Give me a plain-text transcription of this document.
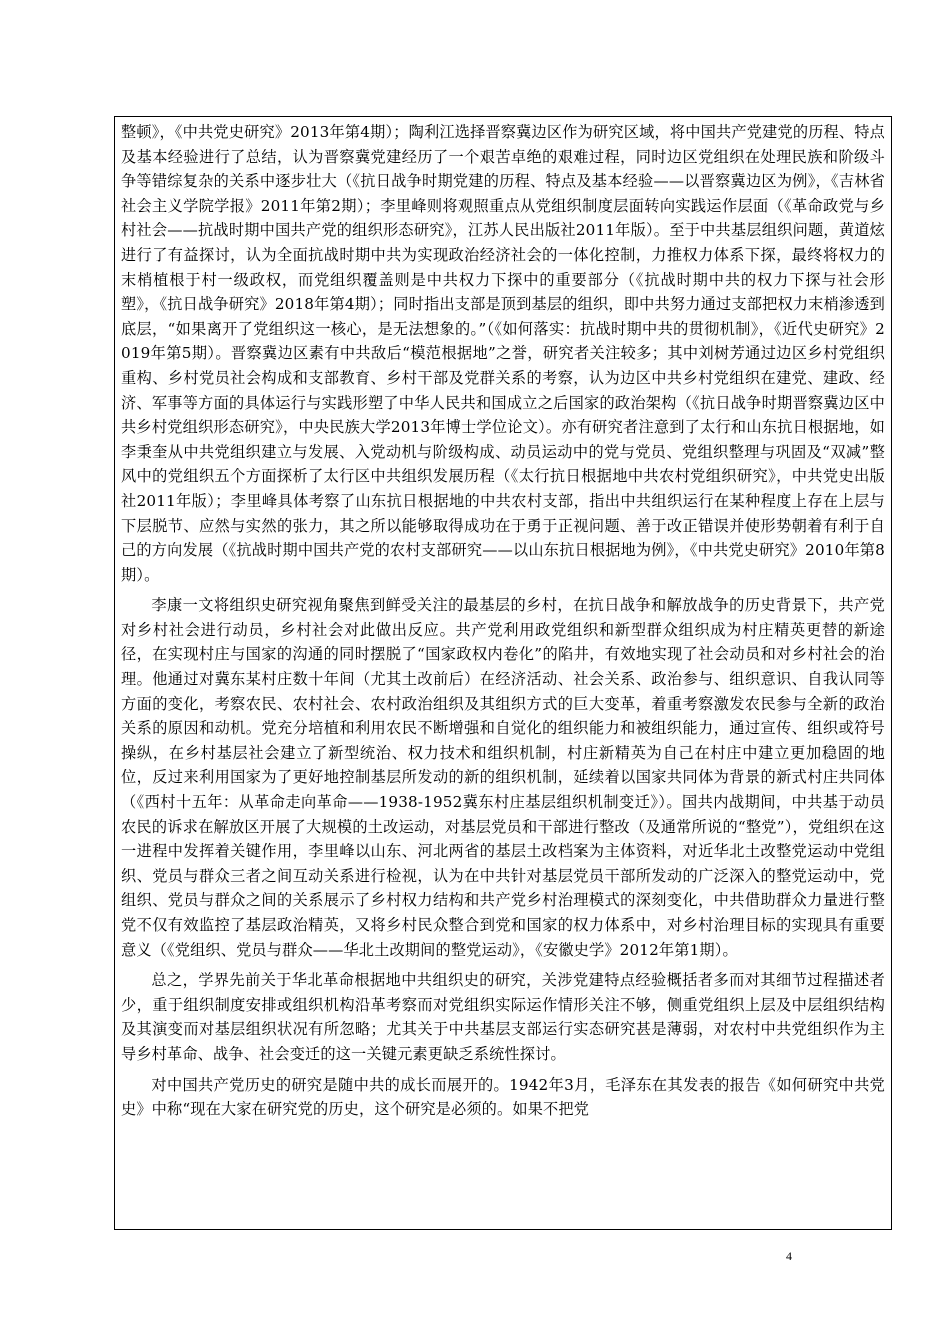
整顿》，《中共党史研究》2013年第4期）；陶利江选择晋察冀边区作为研究区域，将中国共产党建党的历程、特点及基本经验进行了总结，认为晋察冀党建经历了一个艰苦卓绝的艰难过程，同时边区党组织在处理民族和阶级斗争等错综复杂的关系中逐步壮大（《抗日战争时期党建的历程、特点及基本经验——以晋察冀边区为例》，《吉林省社会主义学院学报》2011年第2期）；李里峰则将观照重点从党组织制度层面转向实践运作层面（《革命政党与乡村社会——抗战时期中国共产党的组织形态研究》，江苏人民出版社2011年版）。至于中共基层组织问题，黄道炫进行了有益探讨，认为全面抗战时期中共为实现政治经济社会的一体化控制，力推权力体系下探，最终将权力的末梢植根于村一级政权，而党组织覆盖则是中共权力下探中的重要部分（《抗战时期中共的权力下探与社会形塑》，《抗日战争研究》2018年第4期）；同时指出支部是顶到基层的组织，即中共努力通过支部把权力末梢渗透到底层，“如果离开了党组织这一核心，是无法想象的。”（《如何落实：抗战时期中共的贯彻机制》，《近代史研究》2019年第5期）。晋察冀边区素有中共敌后“模范根据地”之誉，研究者关注较多；其中刘树芳通过边区乡村党组织重构、乡村党员社会构成和支部教育、乡村干部及党群关系的考察，认为边区中共乡村党组织在建党、建政、经济、军事等方面的具体运行与实践形塑了中华人民共和国成立之后国家的政治架构（《抗日战争时期晋察冀边区中共乡村党组织形态研究》，中央民族大学2013年博士学位论文）。亦有研究者注意到了太行和山东抗日根据地，如李秉奎从中共党组织建立与发展、入党动机与阶级构成、动员运动中的党与党员、党组织整理与巩固及“双减”整风中的党组织五个方面探析了太行区中共组织发展历程（《太行抗日根据地中共农村党组织研究》，中共党史出版社2011年版）；李里峰具体考察了山东抗日根据地的中共农村支部，指出中共组织运行在某种程度上存在上层与下层脱节、应然与实然的张力，其之所以能够取得成功在于勇于正视问题、善于改正错误并使形势朝着有利于自己的方向发展（《抗战时期中国共产党的农村支部研究——以山东抗日根据地为例》，《中共党史研究》2010年第8期）。

李康一文将组织史研究视角聚焦到鲜受关注的最基层的乡村，在抗日战争和解放战争的历史背景下，共产党对乡村社会进行动员，乡村社会对此做出反应。共产党利用政党组织和新型群众组织成为村庄精英更替的新途径，在实现村庄与国家的沟通的同时摆脱了“国家政权内卷化”的陷井，有效地实现了社会动员和对乡村社会的治理。他通过对冀东某村庄数十年间（尤其土改前后）在经济活动、社会关系、政治参与、组织意识、自我认同等方面的变化，考察农民、农村社会、农村政治组织及其组织方式的巨大变革，着重考察激发农民参与全新的政治关系的原因和动机。党充分培植和利用农民不断增强和自觉化的组织能力和被组织能力，通过宣传、组织或符号操纵，在乡村基层社会建立了新型统治、权力技术和组织机制，村庄新精英为自己在村庄中建立更加稳固的地位，反过来利用国家为了更好地控制基层所发动的新的组织机制，延续着以国家共同体为背景的新式村庄共同体（《西村十五年：从革命走向革命——1938-1952冀东村庄基层组织机制变迁》）。国共内战期间，中共基于动员农民的诉求在解放区开展了大规模的土改运动，对基层党员和干部进行整改（及通常所说的“整党”），党组织在这一进程中发挥着关键作用，李里峰以山东、河北两省的基层土改档案为主体资料，对近华北土改整党运动中党组织、党员与群众三者之间互动关系进行检视，认为在中共针对基层党员干部所发动的广泛深入的整党运动中，党组织、党员与群众之间的关系展示了乡村权力结构和共产党乡村治理模式的深刻变化，中共借助群众力量进行整党不仅有效监控了基层政治精英，又将乡村民众整合到党和国家的权力体系中，对乡村治理目标的实现具有重要意义（《党组织、党员与群众——华北土改期间的整党运动》，《安徽史学》2012年第1期）。

总之，学界先前关于华北革命根据地中共组织史的研究，关涉党建特点经验概括者多而对其细节过程描述者少，重于组织制度安排或组织机构沿革考察而对党组织实际运作情形关注不够，侧重党组织上层及中层组织结构及其演变而对基层组织状况有所忽略；尤其关于中共基层支部运行实态研究甚是薄弱，对农村中共党组织作为主导乡村革命、战争、社会变迁的这一关键元素更缺乏系统性探讨。

对中国共产党历史的研究是随中共的成长而展开的。1942年3月，毛泽东在其发表的报告《如何研究中共党史》中称“现在大家在研究党的历史，这个研究是必须的。如果不把党

4
